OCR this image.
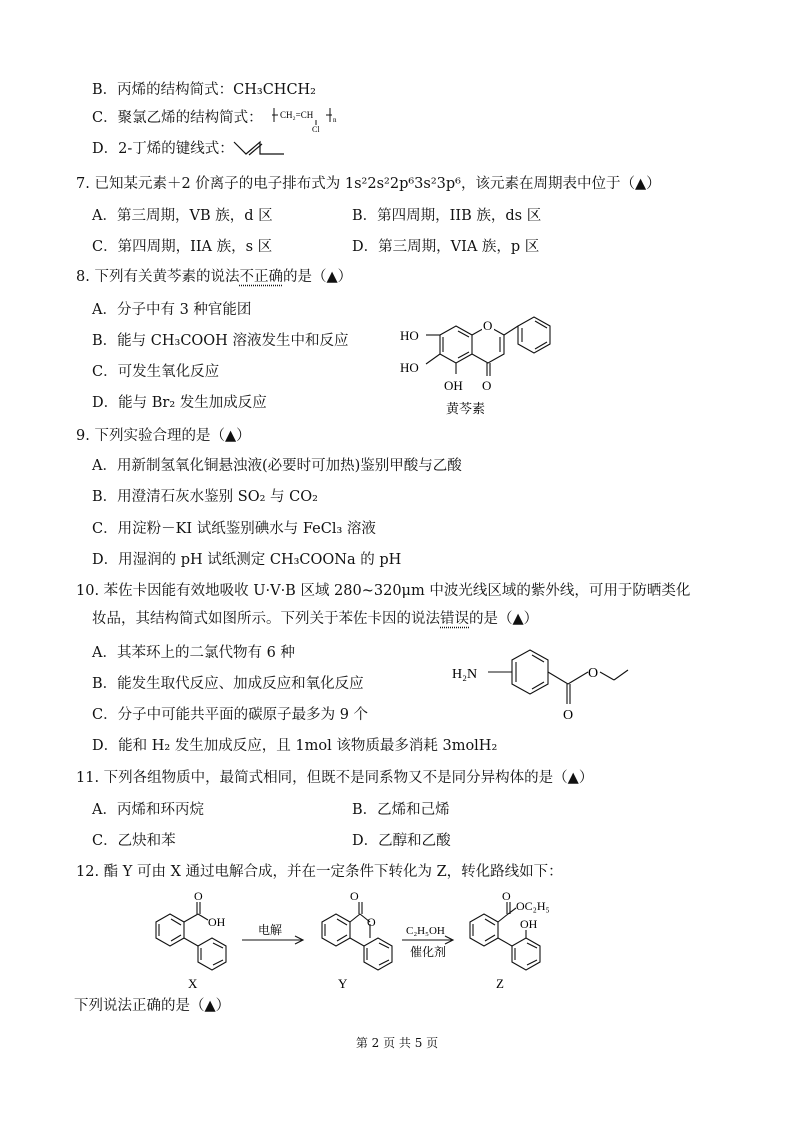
B．丙烯的结构简式：CH₃CHCH₂
C．聚氯乙烯的结构简式： CH₂=CH	n
Cl
D．2-丁烯的键线式：
7. 已知某元素＋2 价离子的电子排布式为 1s²2s²2p⁶3s²3p⁶，该元素在周期表中位于（▲）
A．第三周期，VB 族，d 区	B．第四周期，IIB 族，ds 区
C．第四周期，IIA 族，s 区	D．第三周期，VIA 族，p 区
8. 下列有关黄芩素的说法不正确的是（▲）
A．分子中有 3 种官能团
B．能与 CH₃COOH 溶液发生中和反应
C．可发生氧化反应
D．能与 Br₂ 发生加成反应
O
HO
HO
OH O
黄芩素
9. 下列实验合理的是（▲）
A．用新制氢氧化铜悬浊液(必要时可加热)鉴别甲酸与乙酸
B．用澄清石灰水鉴别 SO₂ 与 CO₂
C．用淀粉－KI 试纸鉴别碘水与 FeCl₃ 溶液
D．用湿润的 pH 试纸测定 CH₃COONa 的 pH
10. 苯佐卡因能有效地吸收 U·V·B 区域 280~320μm 中波光线区域的紫外线，可用于防晒类化
妆品，其结构简式如图所示。下列关于苯佐卡因的说法错误的是（▲）
A．其苯环上的二氯代物有 6 种
B．能发生取代反应、加成反应和氧化反应
C．分子中可能共平面的碳原子最多为 9 个
D．能和 H₂ 发生加成反应，且 1mol 该物质最多消耗 3molH₂
H₂N	O
O
11. 下列各组物质中，最简式相同，但既不是同系物又不是同分异构体的是（▲）
A．丙烯和环丙烷	B．乙烯和己烯
C．乙炔和苯	D．乙醇和乙酸
12. 酯 Y 可由 X 通过电解合成，并在一定条件下转化为 Z，转化路线如下：
O
OH
O
O
O
OC₂H₅
OH
电解	C₂H₅OH
催化剂
X	Y	Z
下列说法正确的是（▲）
第 2 页 共 5 页
